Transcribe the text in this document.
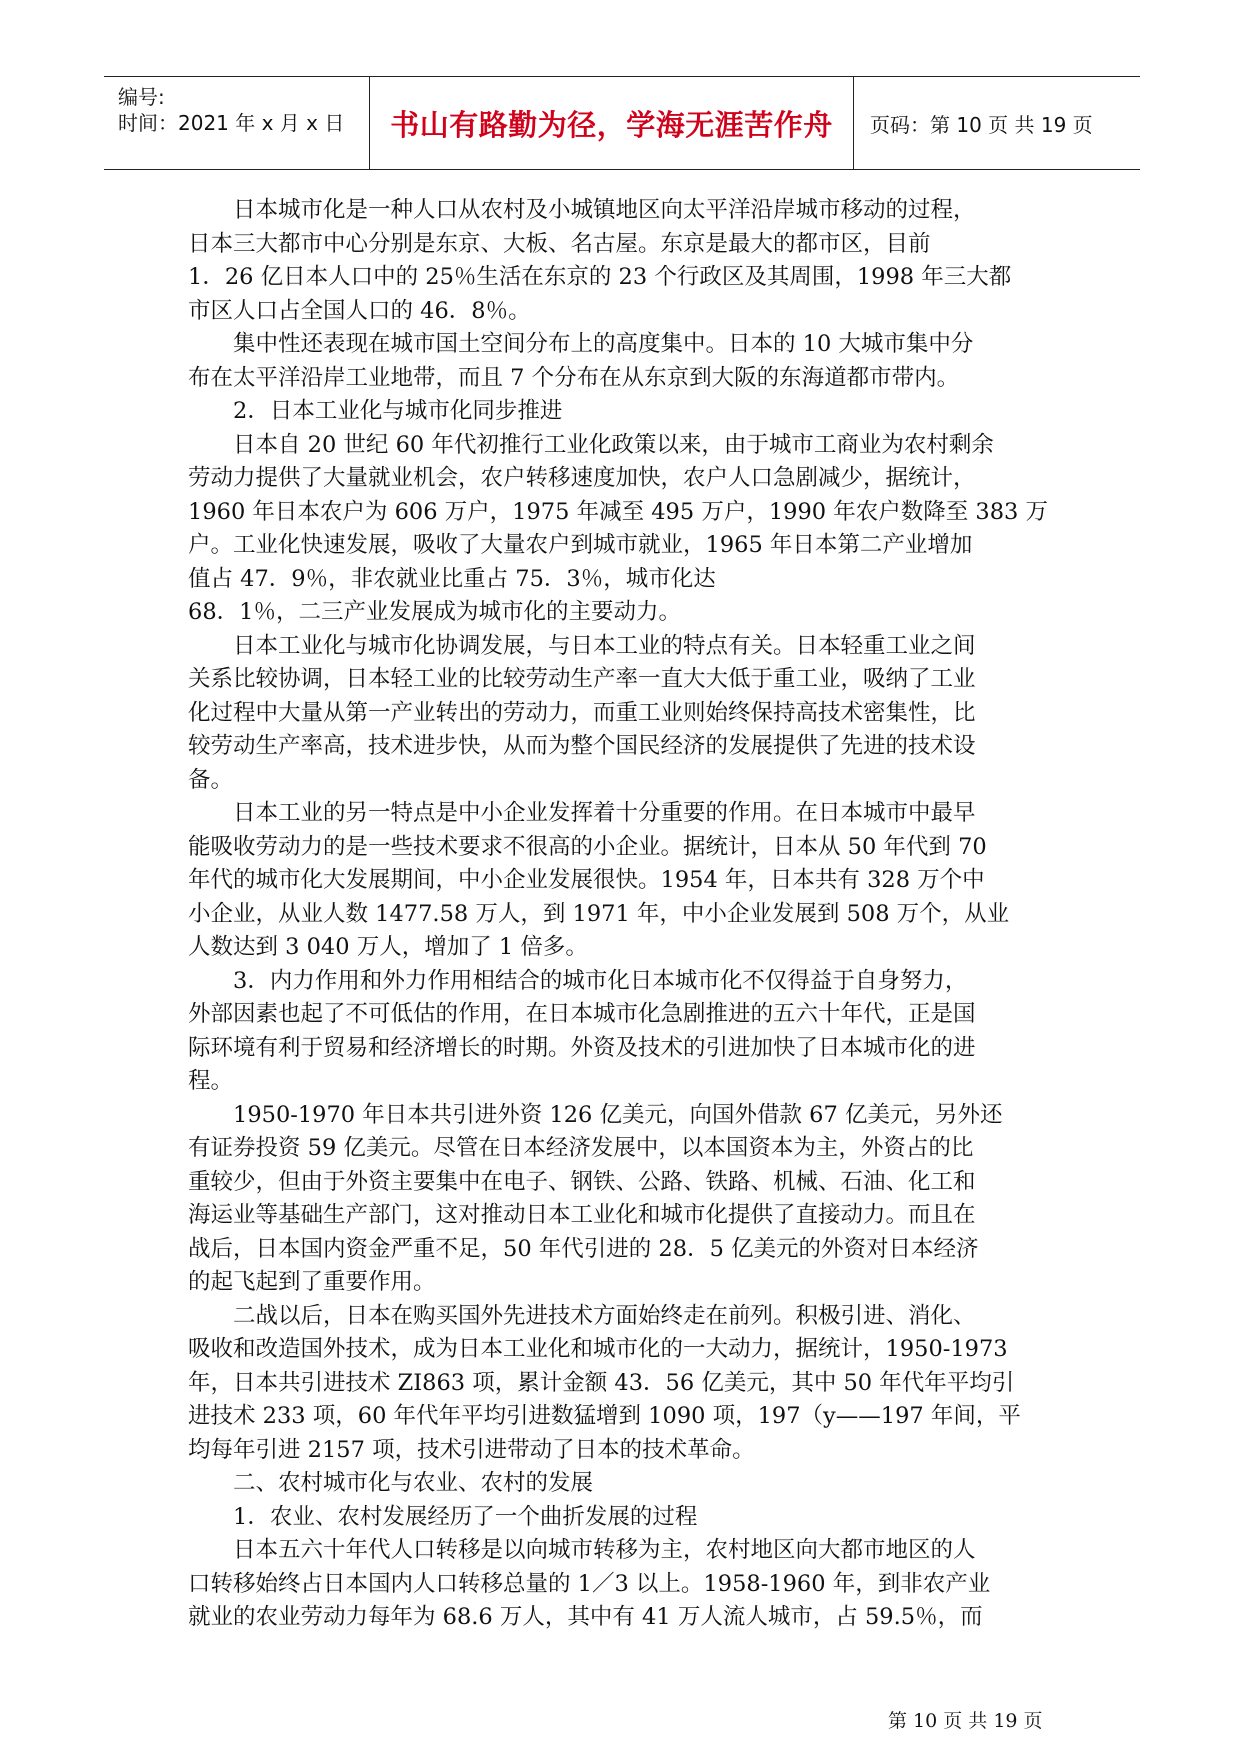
编号:
时间：2021 年 x 月 x 日 书山有路勤为径，学海无涯苦作舟 页码：第 10 页 共 19 页

　　日本城市化是一种人口从农村及小城镇地区向太平洋沿岸城市移动的过程，

日本三大都市中心分别是东京、大板、名古屋。东京是最大的都市区，目前

1．26 亿日本人口中的 25％生活在东京的 23 个行政区及其周围，1998 年三大都

市区人口占全国人口的 46．8％。

　　集中性还表现在城市国土空间分布上的高度集中。日本的 10 大城市集中分

布在太平洋沿岸工业地带，而且 7 个分布在从东京到大阪的东海道都市带内。

　　2．日本工业化与城市化同步推进

　　日本自 20 世纪 60 年代初推行工业化政策以来，由于城市工商业为农村剩余

劳动力提供了大量就业机会，农户转移速度加快，农户人口急剧减少，据统计，

1960 年日本农户为 606 万户，1975 年减至 495 万户，1990 年农户数降至 383 万

户。工业化快速发展，吸收了大量农户到城市就业，1965 年日本第二产业增加

值占 47．9％，非农就业比重占 75．3％，城市化达

68．1％，二三产业发展成为城市化的主要动力。

　　日本工业化与城市化协调发展，与日本工业的特点有关。日本轻重工业之间

关系比较协调，日本轻工业的比较劳动生产率一直大大低于重工业，吸纳了工业

化过程中大量从第一产业转出的劳动力，而重工业则始终保持高技术密集性，比

较劳动生产率高，技术进步快，从而为整个国民经济的发展提供了先进的技术设

备。

　　日本工业的另一特点是中小企业发挥着十分重要的作用。在日本城市中最早

能吸收劳动力的是一些技术要求不很高的小企业。据统计，日本从 50 年代到 70

年代的城市化大发展期间，中小企业发展很快。1954 年，日本共有 328 万个中

小企业，从业人数 1477.58 万人，到 1971 年，中小企业发展到 508 万个，从业

人数达到 3 040 万人，增加了 1 倍多。

　　3．内力作用和外力作用相结合的城市化日本城市化不仅得益于自身努力，

外部因素也起了不可低估的作用，在日本城市化急剧推进的五六十年代，正是国

际环境有利于贸易和经济增长的时期。外资及技术的引进加快了日本城市化的进

程。

　　1950-1970 年日本共引进外资 126 亿美元，向国外借款 67 亿美元，另外还

有证券投资 59 亿美元。尽管在日本经济发展中，以本国资本为主，外资占的比

重较少，但由于外资主要集中在电子、钢铁、公路、铁路、机械、石油、化工和

海运业等基础生产部门，这对推动日本工业化和城市化提供了直接动力。而且在

战后，日本国内资金严重不足，50 年代引进的 28．5 亿美元的外资对日本经济

的起飞起到了重要作用。

　　二战以后，日本在购买国外先进技术方面始终走在前列。积极引进、消化、

吸收和改造国外技术，成为日本工业化和城市化的一大动力，据统计，1950-1973

年，日本共引进技术 ZI863 项，累计金额 43．56 亿美元，其中 50 年代年平均引

进技术 233 项，60 年代年平均引进数猛增到 1090 项，197（y——197 年间，平

均每年引进 2157 项，技术引进带动了日本的技术革命。

　　二、农村城市化与农业、农村的发展

　　1．农业、农村发展经历了一个曲折发展的过程

　　日本五六十年代人口转移是以向城市转移为主，农村地区向大都市地区的人

口转移始终占日本国内人口转移总量的 1／3 以上。1958-1960 年，到非农产业

就业的农业劳动力每年为 68.6 万人，其中有 41 万人流人城市，占 59.5％，而

第 10 页 共 19 页
